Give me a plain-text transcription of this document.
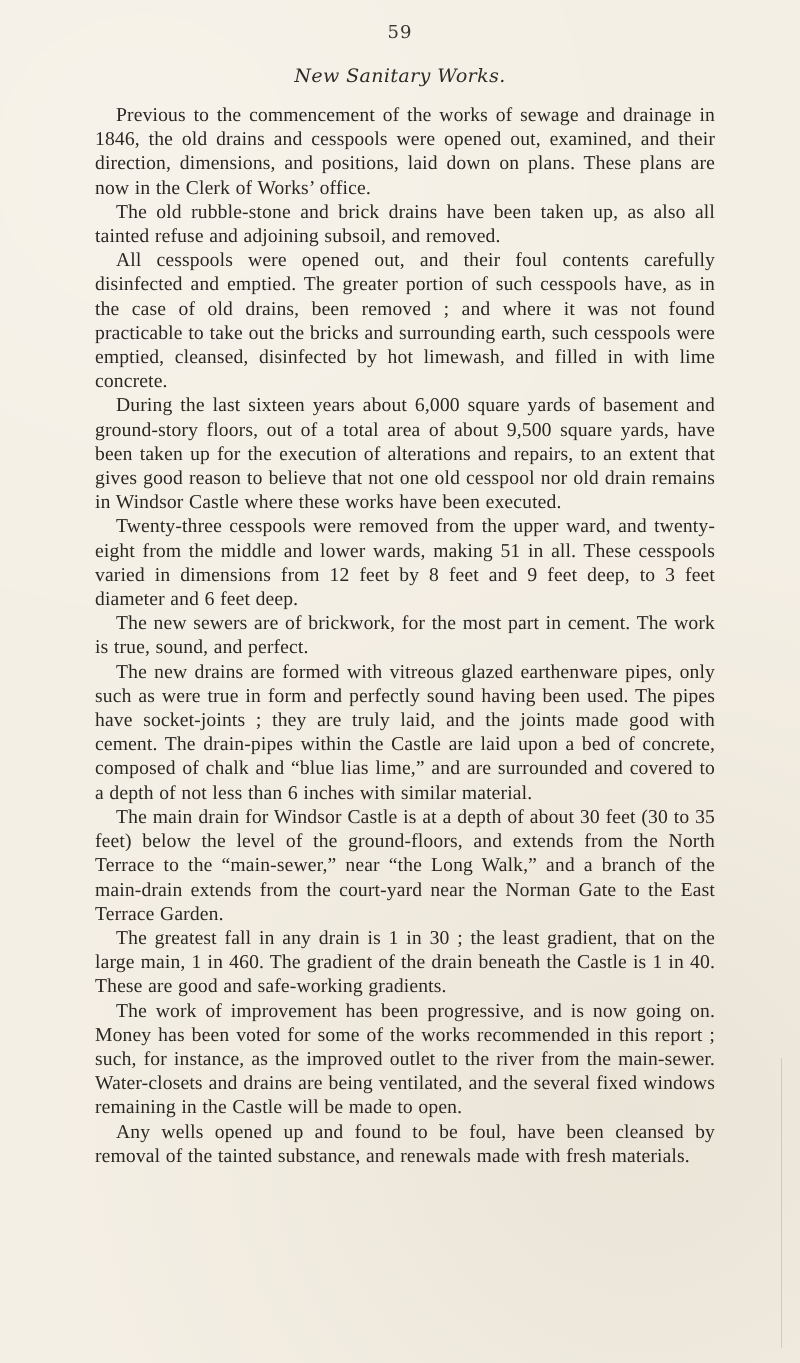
59
New Sanitary Works.

Previous to the commencement of the works of sewage and drainage in 1846, the old drains and cesspools were opened out, examined, and their direction, dimensions, and positions, laid down on plans. These plans are now in the Clerk of Works’ office.

The old rubble-stone and brick drains have been taken up, as also all tainted refuse and adjoining subsoil, and removed.

All cesspools were opened out, and their foul contents carefully disinfected and emptied. The greater portion of such cesspools have, as in the case of old drains, been removed ; and where it was not found practicable to take out the bricks and surrounding earth, such cesspools were emptied, cleansed, disinfected by hot limewash, and filled in with lime concrete.

During the last sixteen years about 6,000 square yards of basement and ground-story floors, out of a total area of about 9,500 square yards, have been taken up for the execution of alterations and repairs, to an extent that gives good reason to believe that not one old cesspool nor old drain remains in Windsor Castle where these works have been executed.

Twenty-three cesspools were removed from the upper ward, and twenty-eight from the middle and lower wards, making 51 in all. These cesspools varied in dimensions from 12 feet by 8 feet and 9 feet deep, to 3 feet diameter and 6 feet deep.

The new sewers are of brickwork, for the most part in cement. The work is true, sound, and perfect.

The new drains are formed with vitreous glazed earthenware pipes, only such as were true in form and perfectly sound having been used. The pipes have socket-joints ; they are truly laid, and the joints made good with cement. The drain-pipes within the Castle are laid upon a bed of concrete, composed of chalk and “blue lias lime,” and are surrounded and covered to a depth of not less than 6 inches with similar material.

The main drain for Windsor Castle is at a depth of about 30 feet (30 to 35 feet) below the level of the ground-floors, and extends from the North Terrace to the “main-sewer,” near “the Long Walk,” and a branch of the main-drain extends from the court-yard near the Norman Gate to the East Terrace Garden.

The greatest fall in any drain is 1 in 30 ; the least gradient, that on the large main, 1 in 460. The gradient of the drain beneath the Castle is 1 in 40. These are good and safe-working gradients.

The work of improvement has been progressive, and is now going on. Money has been voted for some of the works recommended in this report ; such, for instance, as the improved outlet to the river from the main-sewer. Water-closets and drains are being ventilated, and the several fixed windows remaining in the Castle will be made to open.

Any wells opened up and found to be foul, have been cleansed by removal of the tainted substance, and renewals made with fresh materials.
